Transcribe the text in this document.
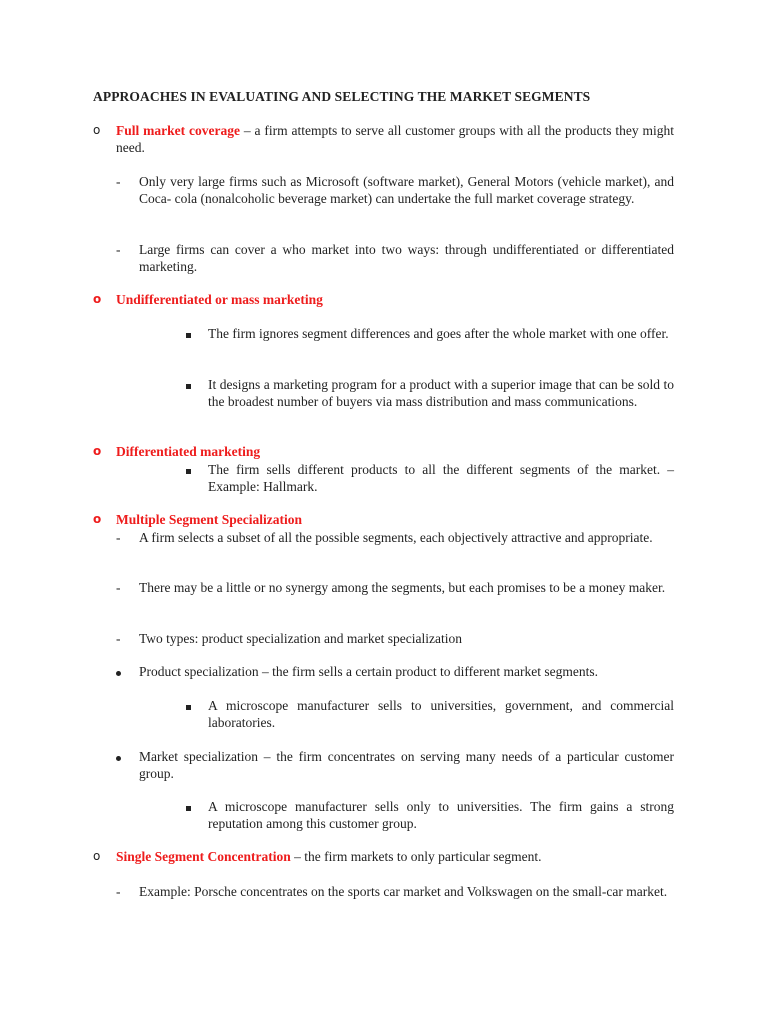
APPROACHES IN EVALUATING AND SELECTING THE MARKET SEGMENTS
o Full market coverage – a firm attempts to serve all customer groups with all the products they might need.
- Only very large firms such as Microsoft (software market), General Motors (vehicle market), and Coca- cola (nonalcoholic beverage market) can undertake the full market coverage strategy.
- Large firms can cover a who market into two ways: through undifferentiated or differentiated marketing.
o Undifferentiated or mass marketing
The firm ignores segment differences and goes after the whole market with one offer.
It designs a marketing program for a product with a superior image that can be sold to the broadest number of buyers via mass distribution and mass communications.
o Differentiated marketing
The firm sells different products to all the different segments of the market. – Example: Hallmark.
o Multiple Segment Specialization
- A firm selects a subset of all the possible segments, each objectively attractive and appropriate.
- There may be a little or no synergy among the segments, but each promises to be a money maker.
- Two types: product specialization and market specialization
Product specialization – the firm sells a certain product to different market segments.
A microscope manufacturer sells to universities, government, and commercial laboratories.
Market specialization – the firm concentrates on serving many needs of a particular customer group.
A microscope manufacturer sells only to universities. The firm gains a strong reputation among this customer group.
o Single Segment Concentration – the firm markets to only particular segment.
- Example: Porsche concentrates on the sports car market and Volkswagen on the small-car market.
